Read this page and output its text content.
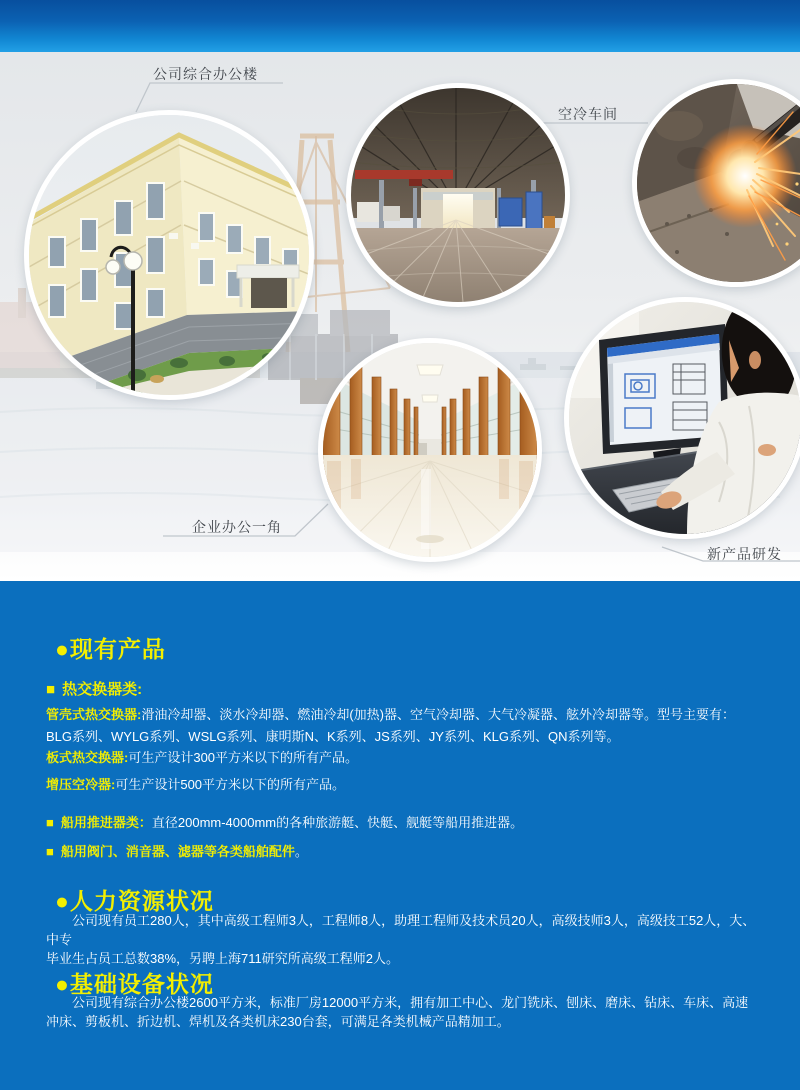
公司综合办公楼
空冷车间
企业办公一角
新产品研发
●现有产品
■ 热交换器类:
管壳式热交换器:滑油冷却器、淡水冷却器、燃油冷却(加热)器、空气冷却器、大气冷凝器、舷外冷却器等。型号主要有：
BLG系列、WYLG系列、WSLG系列、康明斯N、K系列、JS系列、JY系列、KLG系列、QN系列等。
板式热交换器:可生产设计300平方米以下的所有产品。
增压空冷器:可生产设计500平方米以下的所有产品。
■ 船用推进器类：直径200mm-4000mm的各种旅游艇、快艇、舰艇等船用推进器。
■ 船用阀门、消音器、滤器等各类船舶配件。
●人力资源状况
公司现有员工280人，其中高级工程师3人，工程师8人，助理工程师及技术员20人，高级技师3人，高级技工52人，大、中专
毕业生占员工总数38%，另聘上海711研究所高级工程师2人。
●基础设备状况
公司现有综合办公楼2600平方米，标准厂房12000平方米，拥有加工中心、龙门铣床、刨床、磨床、钻床、车床、高速
冲床、剪板机、折边机、焊机及各类机床230台套，可满足各类机械产品精加工。
